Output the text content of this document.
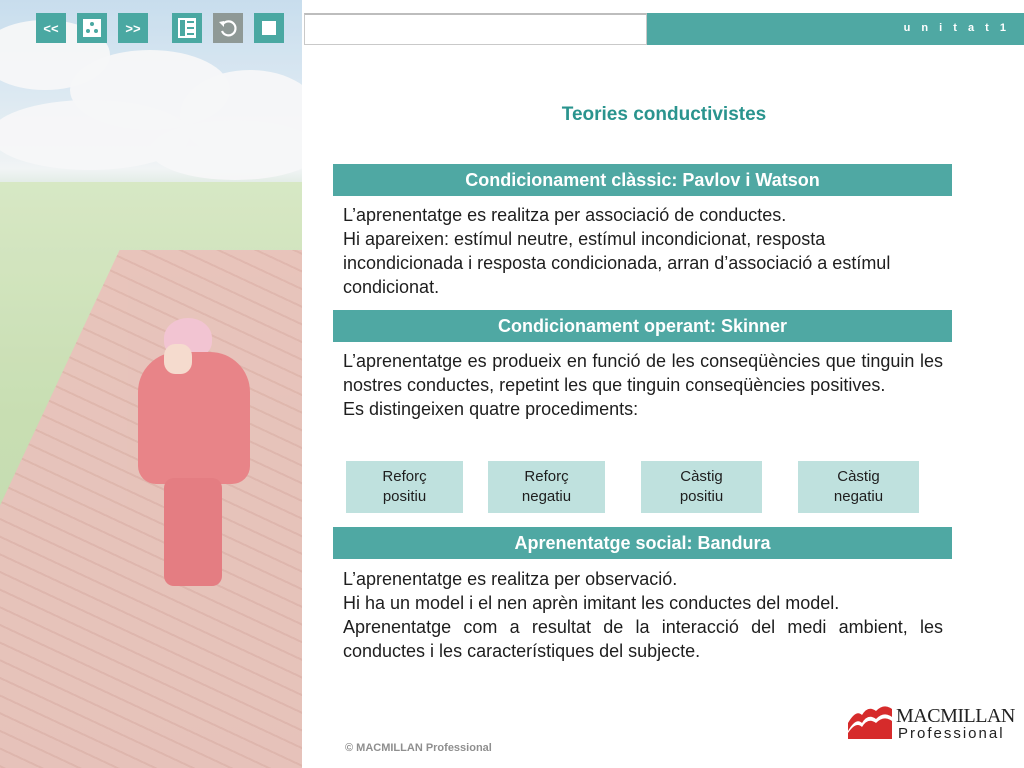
<<	>>	u n i t a t 1
Teories conductivistes
Condicionament clàssic: Pavlov i Watson

L’aprenentatge es realitza per associació de conductes.

Hi apareixen: estímul neutre, estímul incondicionat, resposta incondicionada i resposta condicionada, arran d’associació a estímul condicionat.

Condicionament operant: Skinner

L’aprenentatge es produeix en funció de les conseqüències que tinguin les nostres conductes, repetint les que tinguin conseqüències positives.

Es distingeixen quatre procediments:

Reforç
positiu
Reforç
negatiu
Càstig
positiu
Càstig
negatiu
Aprenentatge social: Bandura

L’aprenentatge es realitza per observació.

Hi ha un model i el nen aprèn imitant les conductes del model.

Aprenentatge com a resultat de la interacció del medi ambient, les conductes i les característiques del subjecte.

© MACMILLAN Professional
MACMILLAN
Professional
